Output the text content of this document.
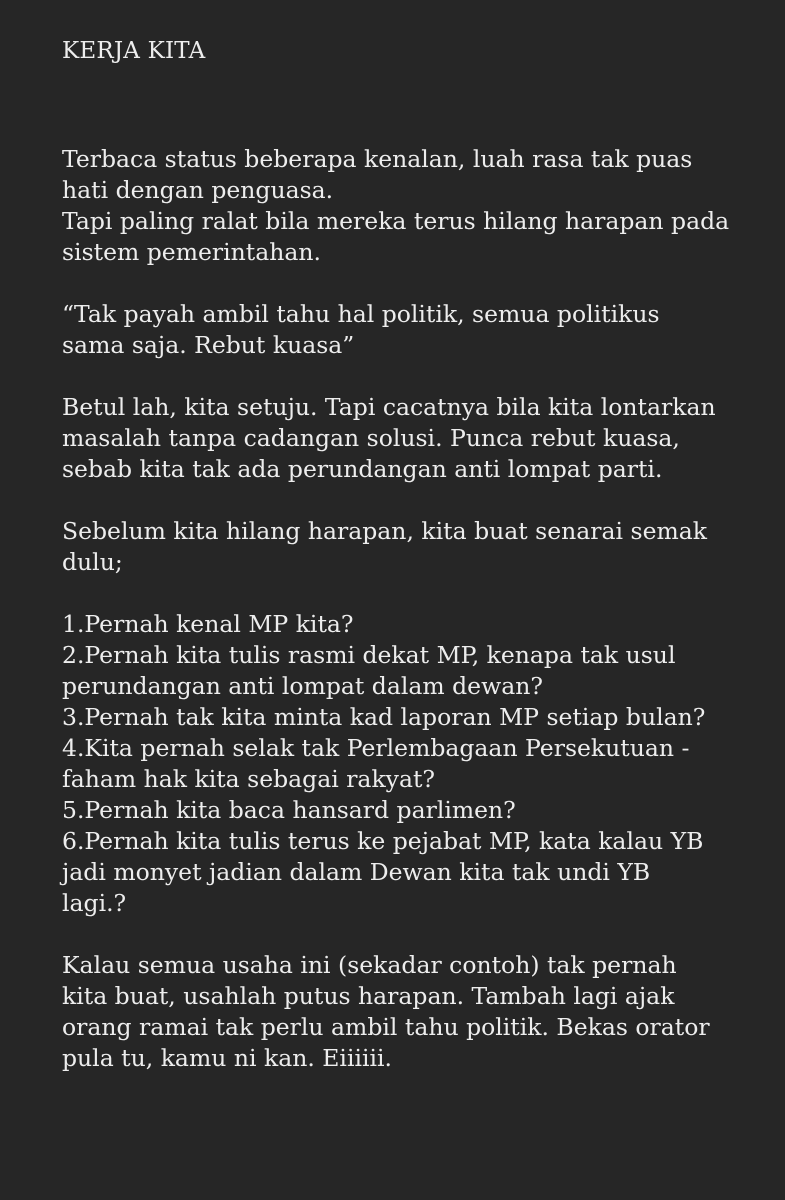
KERJA KITA

Terbaca status beberapa kenalan, luah rasa tak puas
hati dengan penguasa.
Tapi paling ralat bila mereka terus hilang harapan pada
sistem pemerintahan.

“Tak payah ambil tahu hal politik, semua politikus
sama saja. Rebut kuasa”

Betul lah, kita setuju. Tapi cacatnya bila kita lontarkan
masalah tanpa cadangan solusi. Punca rebut kuasa,
sebab kita tak ada perundangan anti lompat parti.

Sebelum kita hilang harapan, kita buat senarai semak
dulu;

1.Pernah kenal MP kita?
2.Pernah kita tulis rasmi dekat MP, kenapa tak usul
perundangan anti lompat dalam dewan?
3.Pernah tak kita minta kad laporan MP setiap bulan?
4.Kita pernah selak tak Perlembagaan Persekutuan -
faham hak kita sebagai rakyat?
5.Pernah kita baca hansard parlimen?
6.Pernah kita tulis terus ke pejabat MP, kata kalau YB
jadi monyet jadian dalam Dewan kita tak undi YB
lagi.?

Kalau semua usaha ini (sekadar contoh) tak pernah
kita buat, usahlah putus harapan. Tambah lagi ajak
orang ramai tak perlu ambil tahu politik. Bekas orator
pula tu, kamu ni kan. Eiiiiii.
